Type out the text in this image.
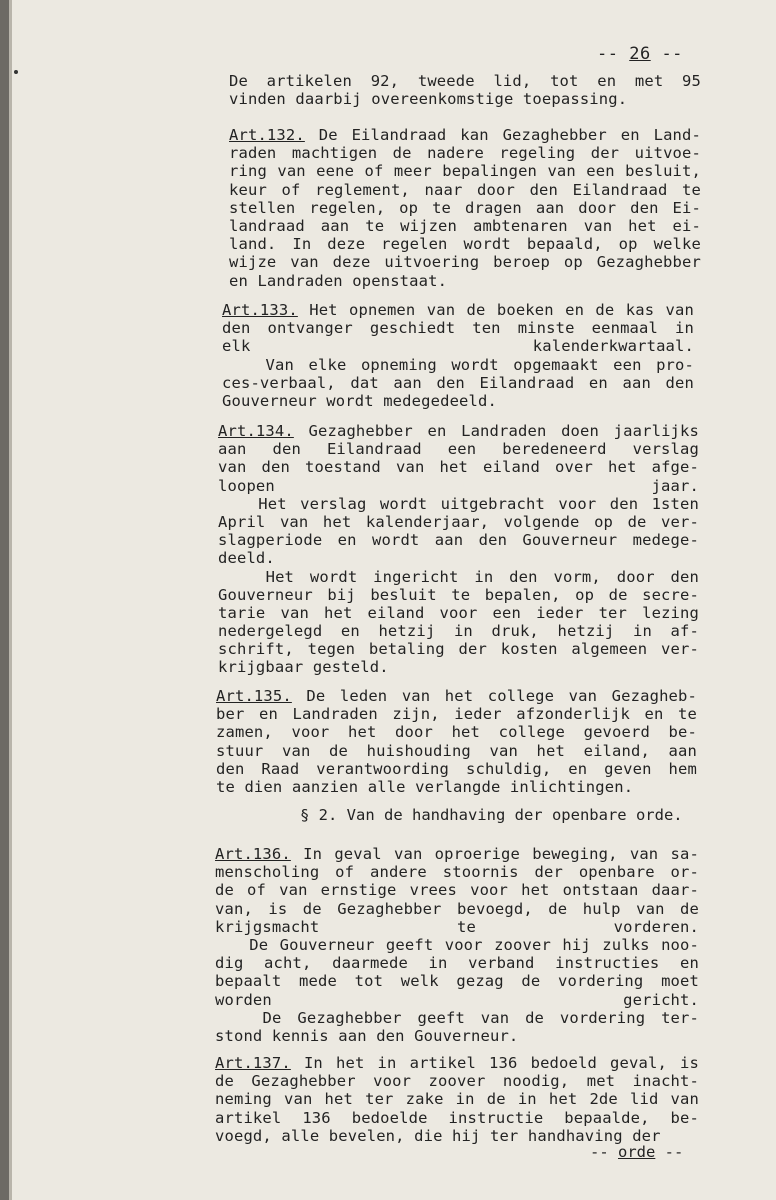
-- 26 --
De artikelen 92, tweede lid, tot en met 95
vinden daarbij overeenkomstige toepassing.
Art.132. De Eilandraad kan Gezaghebber en Land-
raden machtigen de nadere regeling der uitvoe-
ring van eene of meer bepalingen van een besluit,
keur of reglement, naar door den Eilandraad te
stellen regelen, op te dragen aan door den Ei-
landraad aan te wijzen ambtenaren van het ei-
land. In deze regelen wordt bepaald, op welke
wijze van deze uitvoering beroep op Gezaghebber
en Landraden openstaat.
Art.133. Het opnemen van de boeken en de kas van
den ontvanger geschiedt ten minste eenmaal in
elk kalenderkwartaal.
Van elke opneming wordt opgemaakt een pro-
ces-verbaal, dat aan den Eilandraad en aan den
Gouverneur wordt medegedeeld.
Art.134. Gezaghebber en Landraden doen jaarlijks
aan den Eilandraad een beredeneerd verslag
van den toestand van het eiland over het afge-
loopen jaar.
Het verslag wordt uitgebracht voor den 1sten
April van het kalenderjaar, volgende op de ver-
slagperiode en wordt aan den Gouverneur medege-
deeld.
Het wordt ingericht in den vorm, door den
Gouverneur bij besluit te bepalen, op de secre-
tarie van het eiland voor een ieder ter lezing
nedergelegd en hetzij in druk, hetzij in af-
schrift, tegen betaling der kosten algemeen ver-
krijgbaar gesteld.
Art.135. De leden van het college van Gezagheb-
ber en Landraden zijn, ieder afzonderlijk en te
zamen, voor het door het college gevoerd be-
stuur van de huishouding van het eiland, aan
den Raad verantwoording schuldig, en geven hem
te dien aanzien alle verlangde inlichtingen.
§ 2. Van de handhaving der openbare orde.
Art.136. In geval van oproerige beweging, van sa-
menscholing of andere stoornis der openbare or-
de of van ernstige vrees voor het ontstaan daar-
van, is de Gezaghebber bevoegd, de hulp van de
krijgsmacht te vorderen.
De Gouverneur geeft voor zoover hij zulks noo-
dig acht, daarmede in verband instructies en
bepaalt mede tot welk gezag de vordering moet
worden gericht.
De Gezaghebber geeft van de vordering ter-
stond kennis aan den Gouverneur.
Art.137. In het in artikel 136 bedoeld geval, is
de Gezaghebber voor zoover noodig, met inacht-
neming van het ter zake in de in het 2de lid van
artikel 136 bedoelde instructie bepaalde, be-
voegd, alle bevelen, die hij ter handhaving der
-- orde --
